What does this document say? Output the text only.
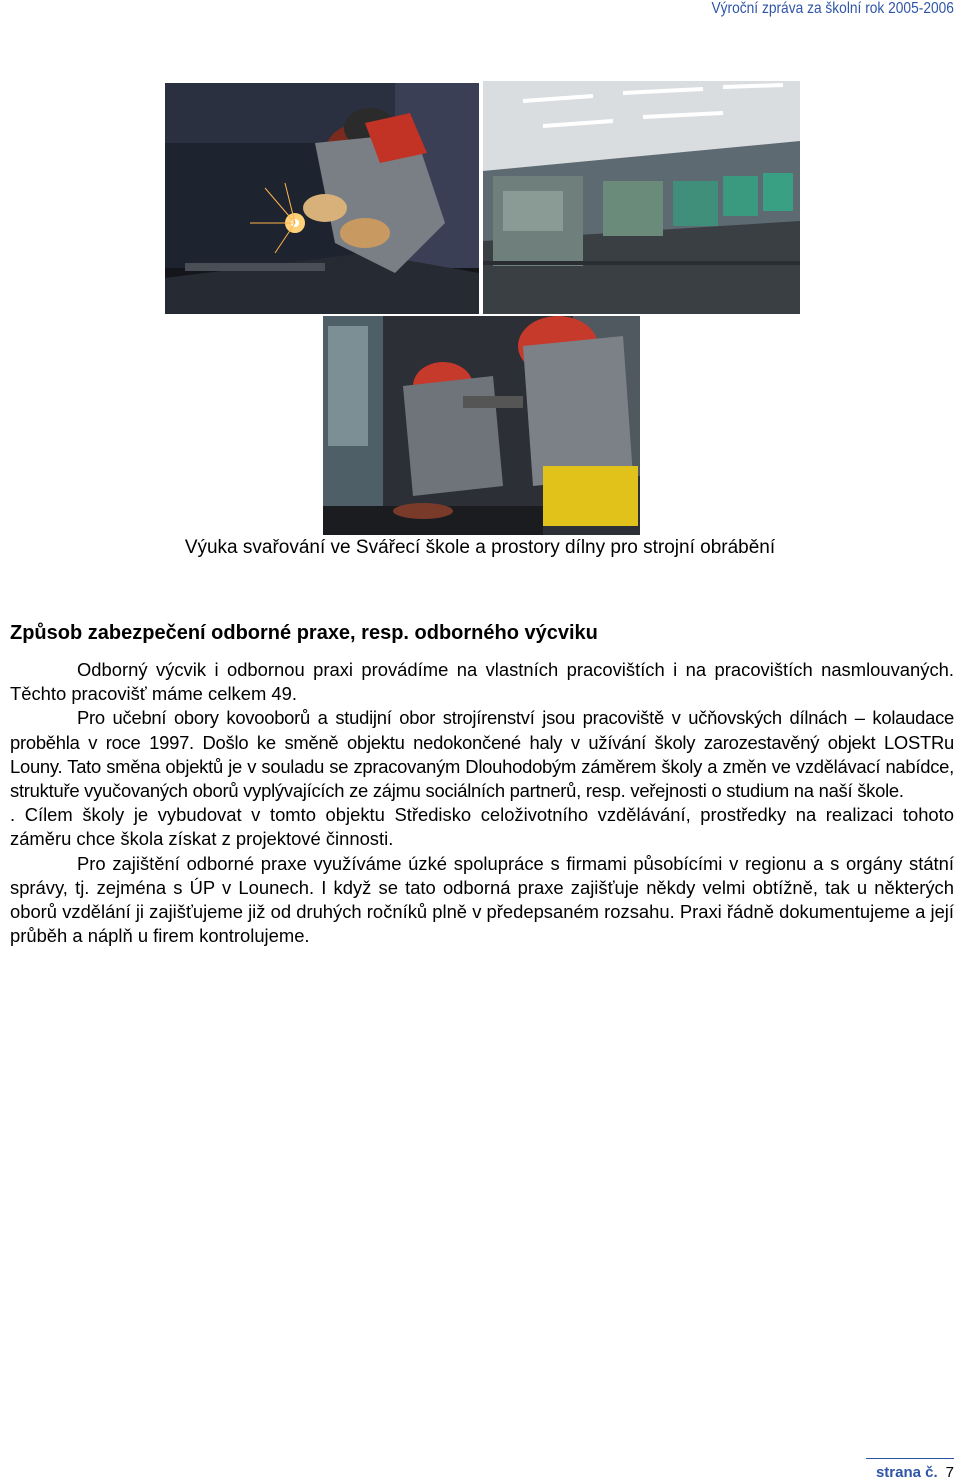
Výroční zpráva za školní rok 2005-2006
Výuka svařování ve Svářecí škole a prostory dílny pro strojní obrábění
Způsob zabezpečení odborné praxe, resp. odborného výcviku

Odborný výcvik i odbornou praxi provádíme na vlastních pracovištích i na pracovištích nasmlouvaných. Těchto pracovišť máme celkem 49.

Pro učební obory kovooborů a studijní obor strojírenství jsou pracoviště v učňovských dílnách – kolaudace proběhla v roce 1997. Došlo ke směně objektu nedokončené haly v užívání školy zarozestavěný objekt LOSTRu Louny. Tato směna objektů je v souladu se zpracovaným Dlouhodobým záměrem školy a změn ve vzdělávací nabídce, struktuře vyučovaných oborů vyplývajících ze zájmu sociálních partnerů, resp. veřejnosti o studium na naší škole.

. Cílem školy je vybudovat v tomto objektu Středisko celoživotního vzdělávání, prostředky na realizaci tohoto záměru chce škola získat z projektové činnosti.

Pro zajištění odborné praxe využíváme úzké spolupráce s firmami působícími v regionu a s orgány státní správy, tj. zejména s ÚP v Lounech. I když se tato odborná praxe zajišťuje někdy velmi obtížně, tak u některých oborů vzdělání ji zajišťujeme již od druhých ročníků plně v předepsaném rozsahu. Praxi řádně dokumentujeme a její průběh a náplň u firem kontrolujeme.

strana č. 7
